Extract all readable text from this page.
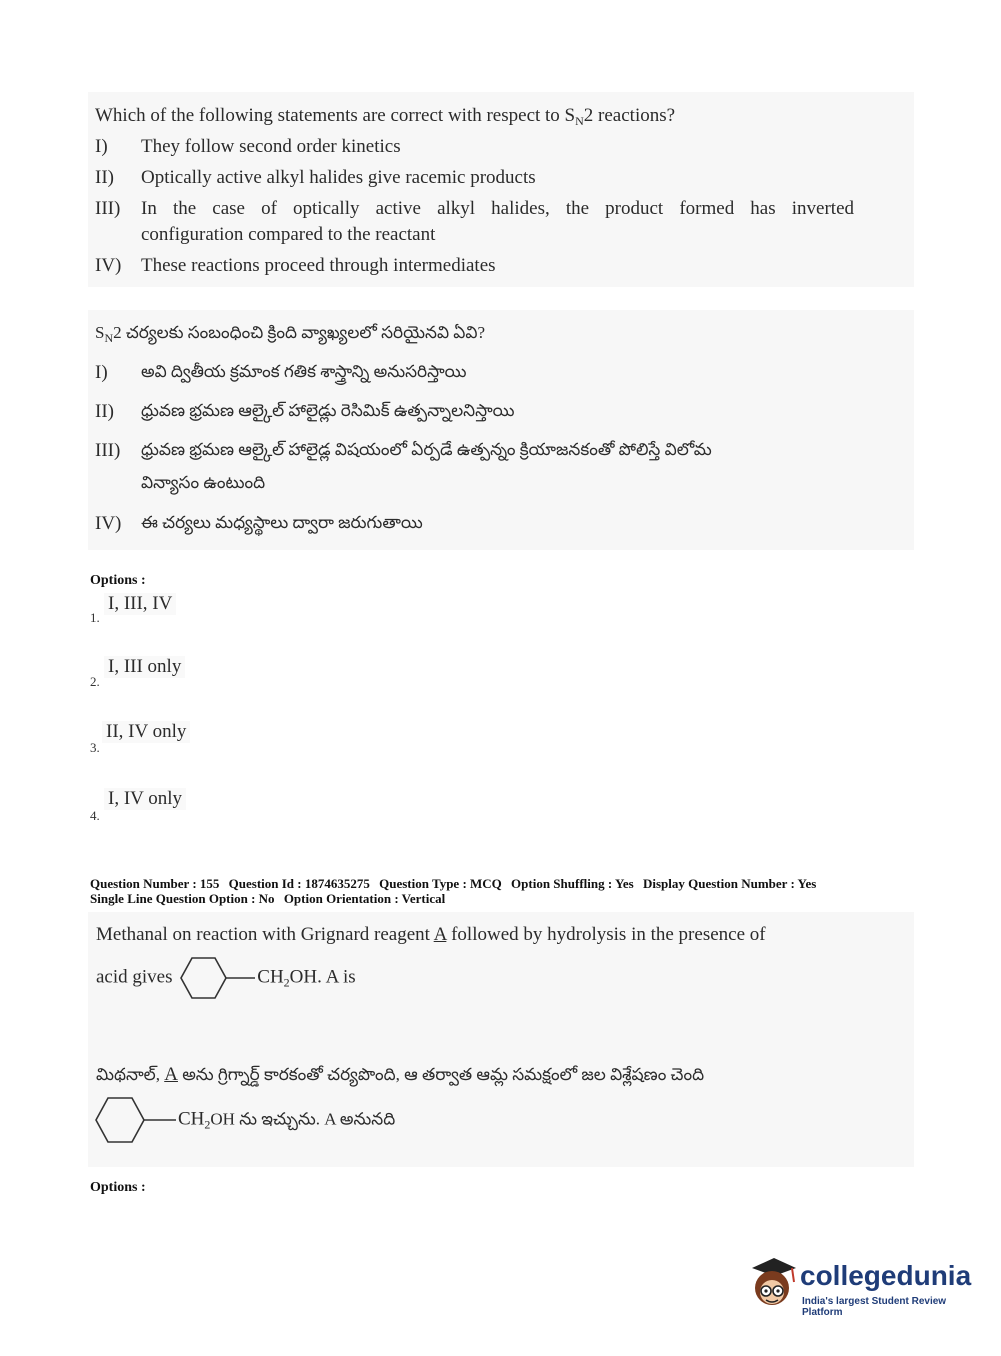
Which of the following statements are correct with respect to $S_N2$ reactions?
I)	They follow second order kinetics
II)	Optically active alkyl halides give racemic products
III)	In the case of optically active alkyl halides, the product formed has inverted
configuration compared to the reactant
IV)	These reactions proceed through intermediates
$S_N2$ చర్యలకు సంబంధించి క్రింది వ్యాఖ్యలలో సరియైనవి ఏవి?
I)	అవి ద్వితీయ క్రమాంక గతిక శాస్త్రాన్ని అనుసరిస్తాయి
II)	ధ్రువణ భ్రమణ ఆల్కైల్ హాలైడ్లు రెసిమిక్ ఉత్పన్నాలనిస్తాయి
III)	ధ్రువణ భ్రమణ ఆల్కైల్ హాలైడ్ల విషయంలో ఏర్పడే ఉత్పన్నం క్రియాజనకంతో పోలిస్తే విలోమ
విన్యాసం ఉంటుంది
IV)	ఈ చర్యలు మధ్యస్థాలు ద్వారా జరుగుతాయి
Options :
1.
I, III, IV
2.
I, III only
3.
II, IV only
4.
I, IV only
Question Number : 155 Question Id : 1874635275 Question Type : MCQ Option Shuffling : Yes Display Question Number : Yes
Single Line Question Option : No Option Orientation : Vertical
Methanal on reaction with Grignard reagent A followed by hydrolysis in the presence of
acid gives	$CH_2OH$. A is
మిథనాల్, A అను గ్రిగ్నార్డ్ కారకంతో చర్యపొంది, ఆ తర్వాత ఆమ్ల సమక్షంలో జల విశ్లేషణం చెంది
$CH_2OH$ ను ఇచ్చును. A అనునది
Options :
collegedunia
India's largest Student Review Platform
